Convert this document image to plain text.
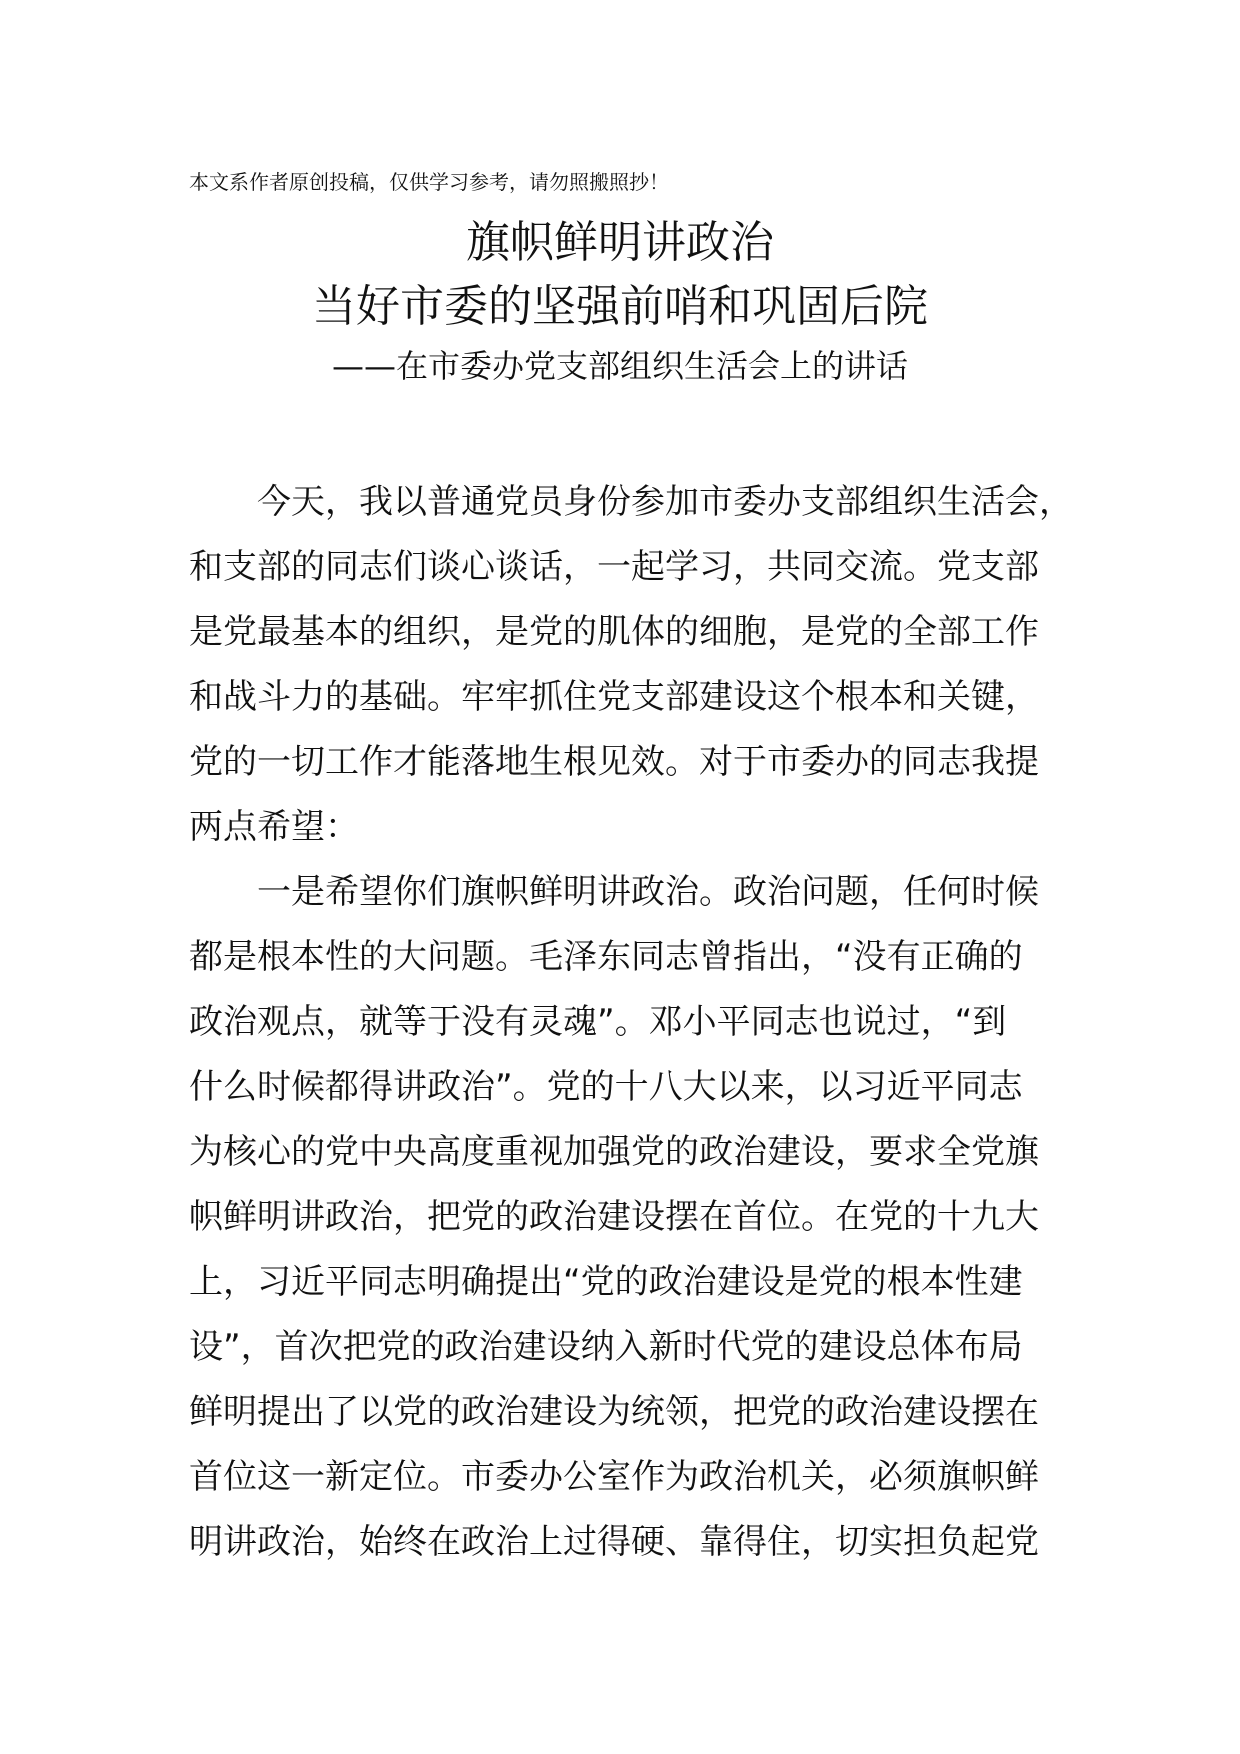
本文系作者原创投稿，仅供学习参考，请勿照搬照抄！
旗帜鲜明讲政治
当好市委的坚强前哨和巩固后院
——在市委办党支部组织生活会上的讲话
今天，我以普通党员身份参加市委办支部组织生活会，
和支部的同志们谈心谈话，一起学习，共同交流。党支部
是党最基本的组织，是党的肌体的细胞，是党的全部工作
和战斗力的基础。牢牢抓住党支部建设这个根本和关键，
党的一切工作才能落地生根见效。对于市委办的同志我提
两点希望：
一是希望你们旗帜鲜明讲政治。政治问题，任何时候
都是根本性的大问题。毛泽东同志曾指出，“没有正确的
政治观点，就等于没有灵魂”。邓小平同志也说过，“到
什么时候都得讲政治”。党的十八大以来，以习近平同志
为核心的党中央高度重视加强党的政治建设，要求全党旗
帜鲜明讲政治，把党的政治建设摆在首位。在党的十九大
上，习近平同志明确提出“党的政治建设是党的根本性建
设”，首次把党的政治建设纳入新时代党的建设总体布局
鲜明提出了以党的政治建设为统领，把党的政治建设摆在
首位这一新定位。市委办公室作为政治机关，必须旗帜鲜
明讲政治，始终在政治上过得硬、靠得住，切实担负起党
